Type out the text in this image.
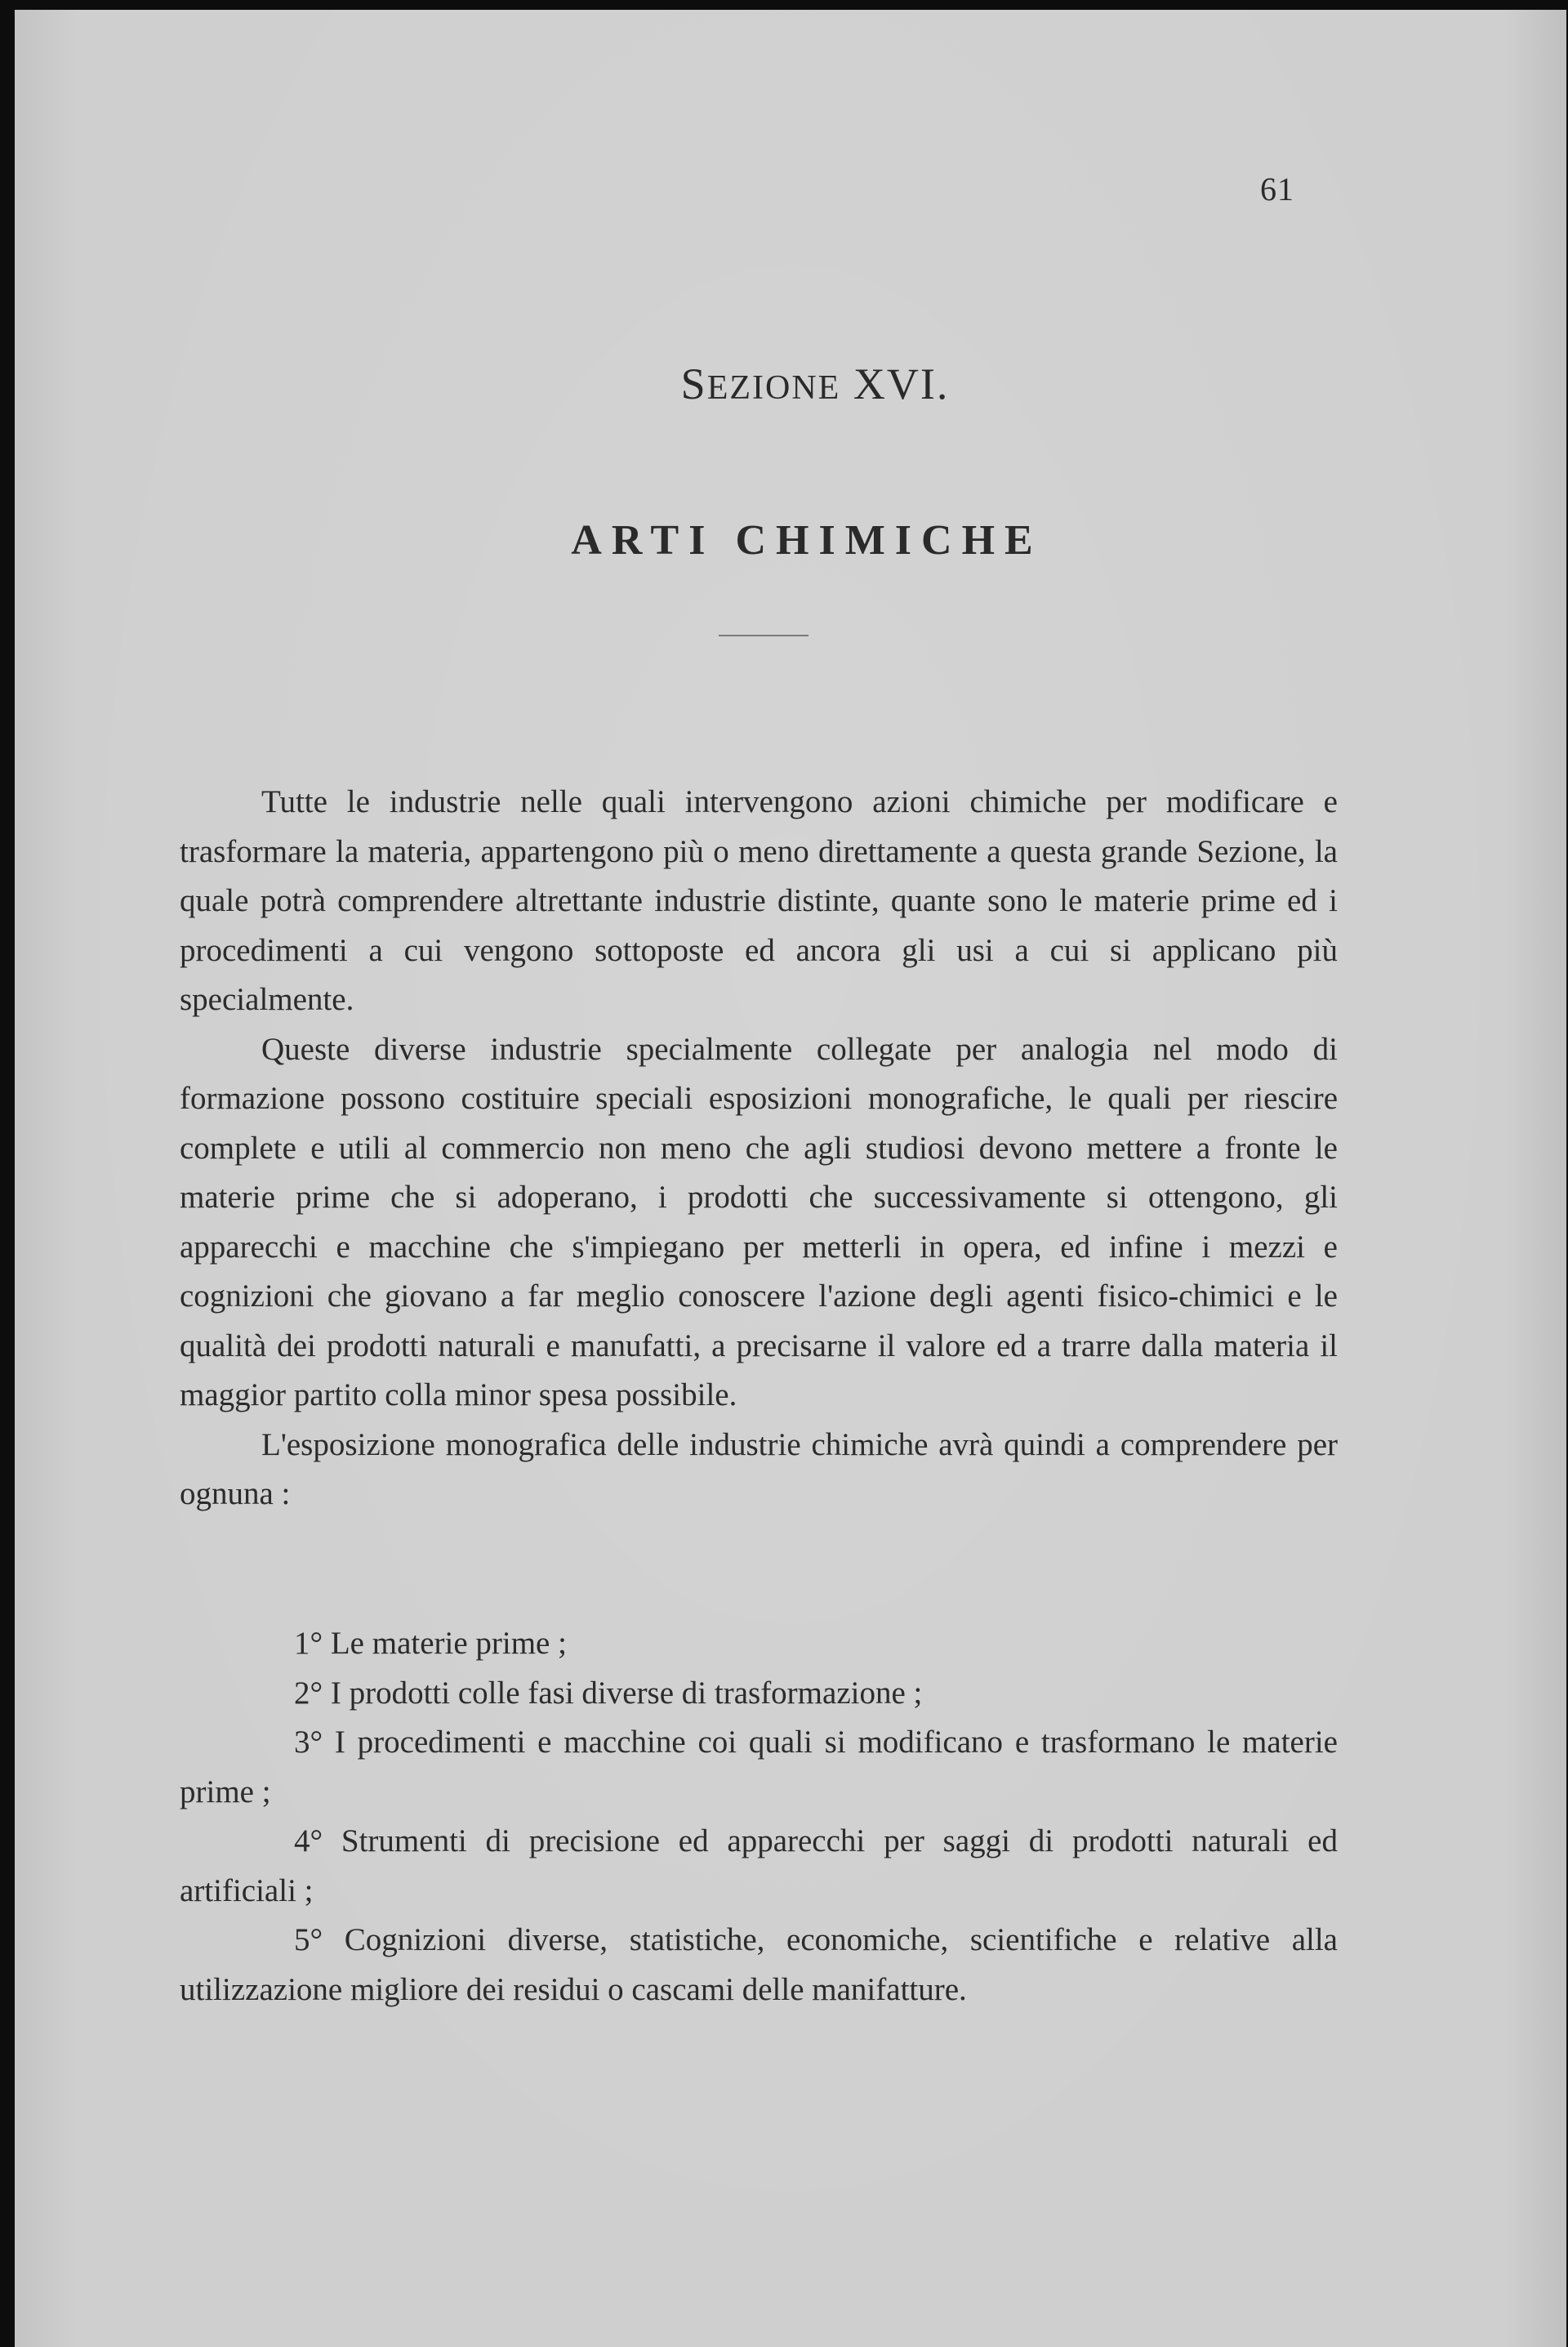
61
SEZIONE XVI.
ARTI CHIMICHE

Tutte le industrie nelle quali intervengono azioni chimiche per modificare e trasformare la materia, appartengono più o meno direttamente a questa grande Sezione, la quale potrà comprendere altrettante industrie distinte, quante sono le materie prime ed i procedimenti a cui vengono sottoposte ed ancora gli usi a cui si applicano più specialmente.

Queste diverse industrie specialmente collegate per analogia nel modo di formazione possono costituire speciali esposizioni monografiche, le quali per riescire complete e utili al commercio non meno che agli studiosi devono mettere a fronte le materie prime che si adoperano, i prodotti che successivamente si ottengono, gli apparecchi e macchine che s'impiegano per metterli in opera, ed infine i mezzi e cognizioni che giovano a far meglio conoscere l'azione degli agenti fisico-chimici e le qualità dei prodotti naturali e manufatti, a precisarne il valore ed a trarre dalla materia il maggior partito colla minor spesa possibile.

L'esposizione monografica delle industrie chimiche avrà quindi a comprendere per ognuna :

1° Le materie prime ;

2° I prodotti colle fasi diverse di trasformazione ;

3° I procedimenti e macchine coi quali si modificano e trasformano le materie prime ;

4° Strumenti di precisione ed apparecchi per saggi di prodotti naturali ed artificiali ;

5° Cognizioni diverse, statistiche, economiche, scientifiche e relative alla utilizzazione migliore dei residui o cascami delle manifatture.
